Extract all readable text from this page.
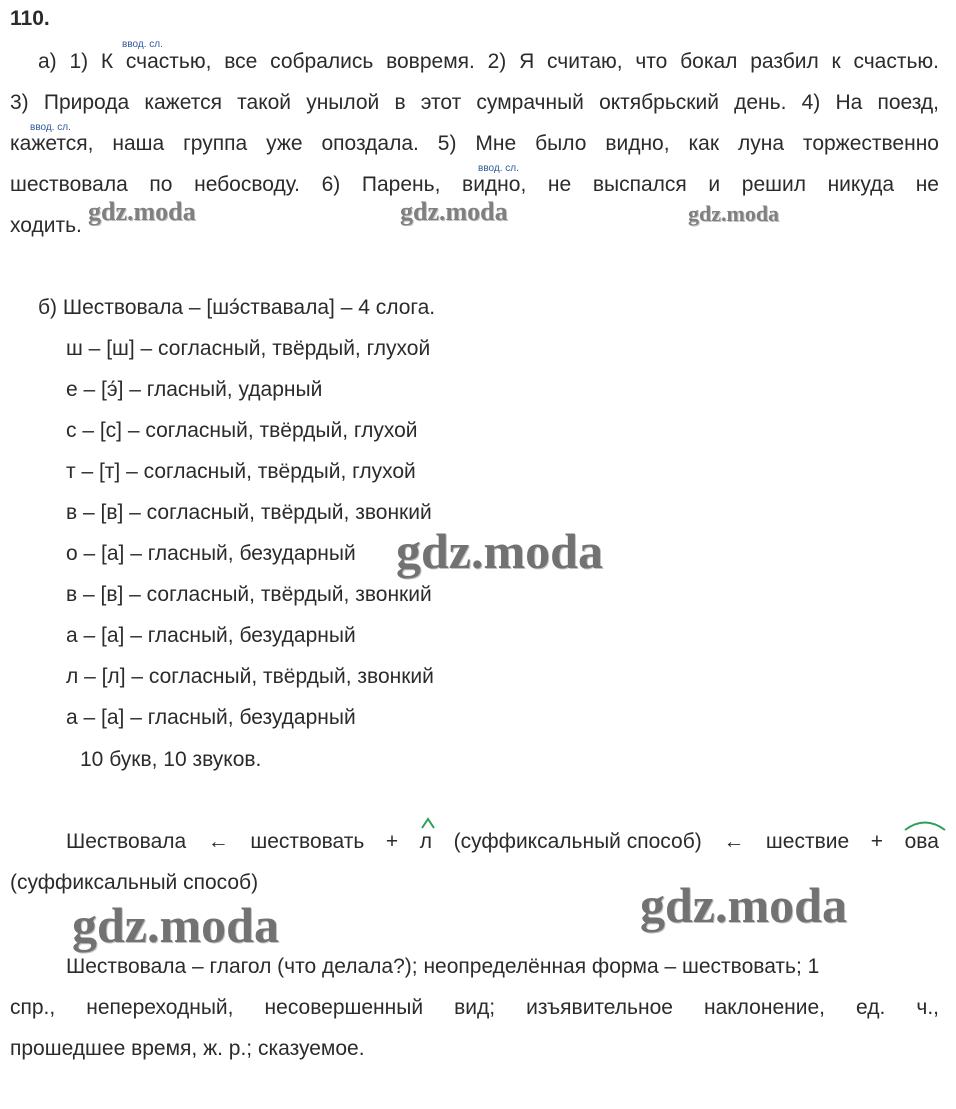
110.
ввод. сл.
ввод. сл.
ввод. сл.
а) 1) К счастью, все собрались вовремя. 2) Я считаю, что бокал разбил к счастью.
3) Природа кажется такой унылой в этот сумрачный октябрьский день. 4) На поезд,
кажется, наша группа уже опоздала. 5) Мне было видно, как луна торжественно
шествовала по небосводу. 6) Парень, видно, не выспался и решил никуда не
ходить. gdz.moda	gdz.moda	gdz.moda
б) Шествовала – [шэ́ствавала] – 4 слога.
ш – [ш] – согласный, твёрдый, глухой
е – [э́] – гласный, ударный
с – [с] – согласный, твёрдый, глухой
т – [т] – согласный, твёрдый, глухой
в – [в] – согласный, твёрдый, звонкий
о – [а] – гласный, безударный
в – [в] – согласный, твёрдый, звонкий
а – [а] – гласный, безударный
л – [л] – согласный, твёрдый, звонкий
а – [а] – гласный, безударный
10 букв, 10 звуков.
gdz.moda
Шествовала ← шествовать + л (суффиксальный способ) ← шествие + ова
(суффиксальный способ)
gdz.moda	gdz.moda
Шествовала – глагол (что делала?); неопределённая форма – шествовать; 1
спр., непереходный, несовершенный вид; изъявительное наклонение, ед. ч.,
прошедшее время, ж. р.; сказуемое.
